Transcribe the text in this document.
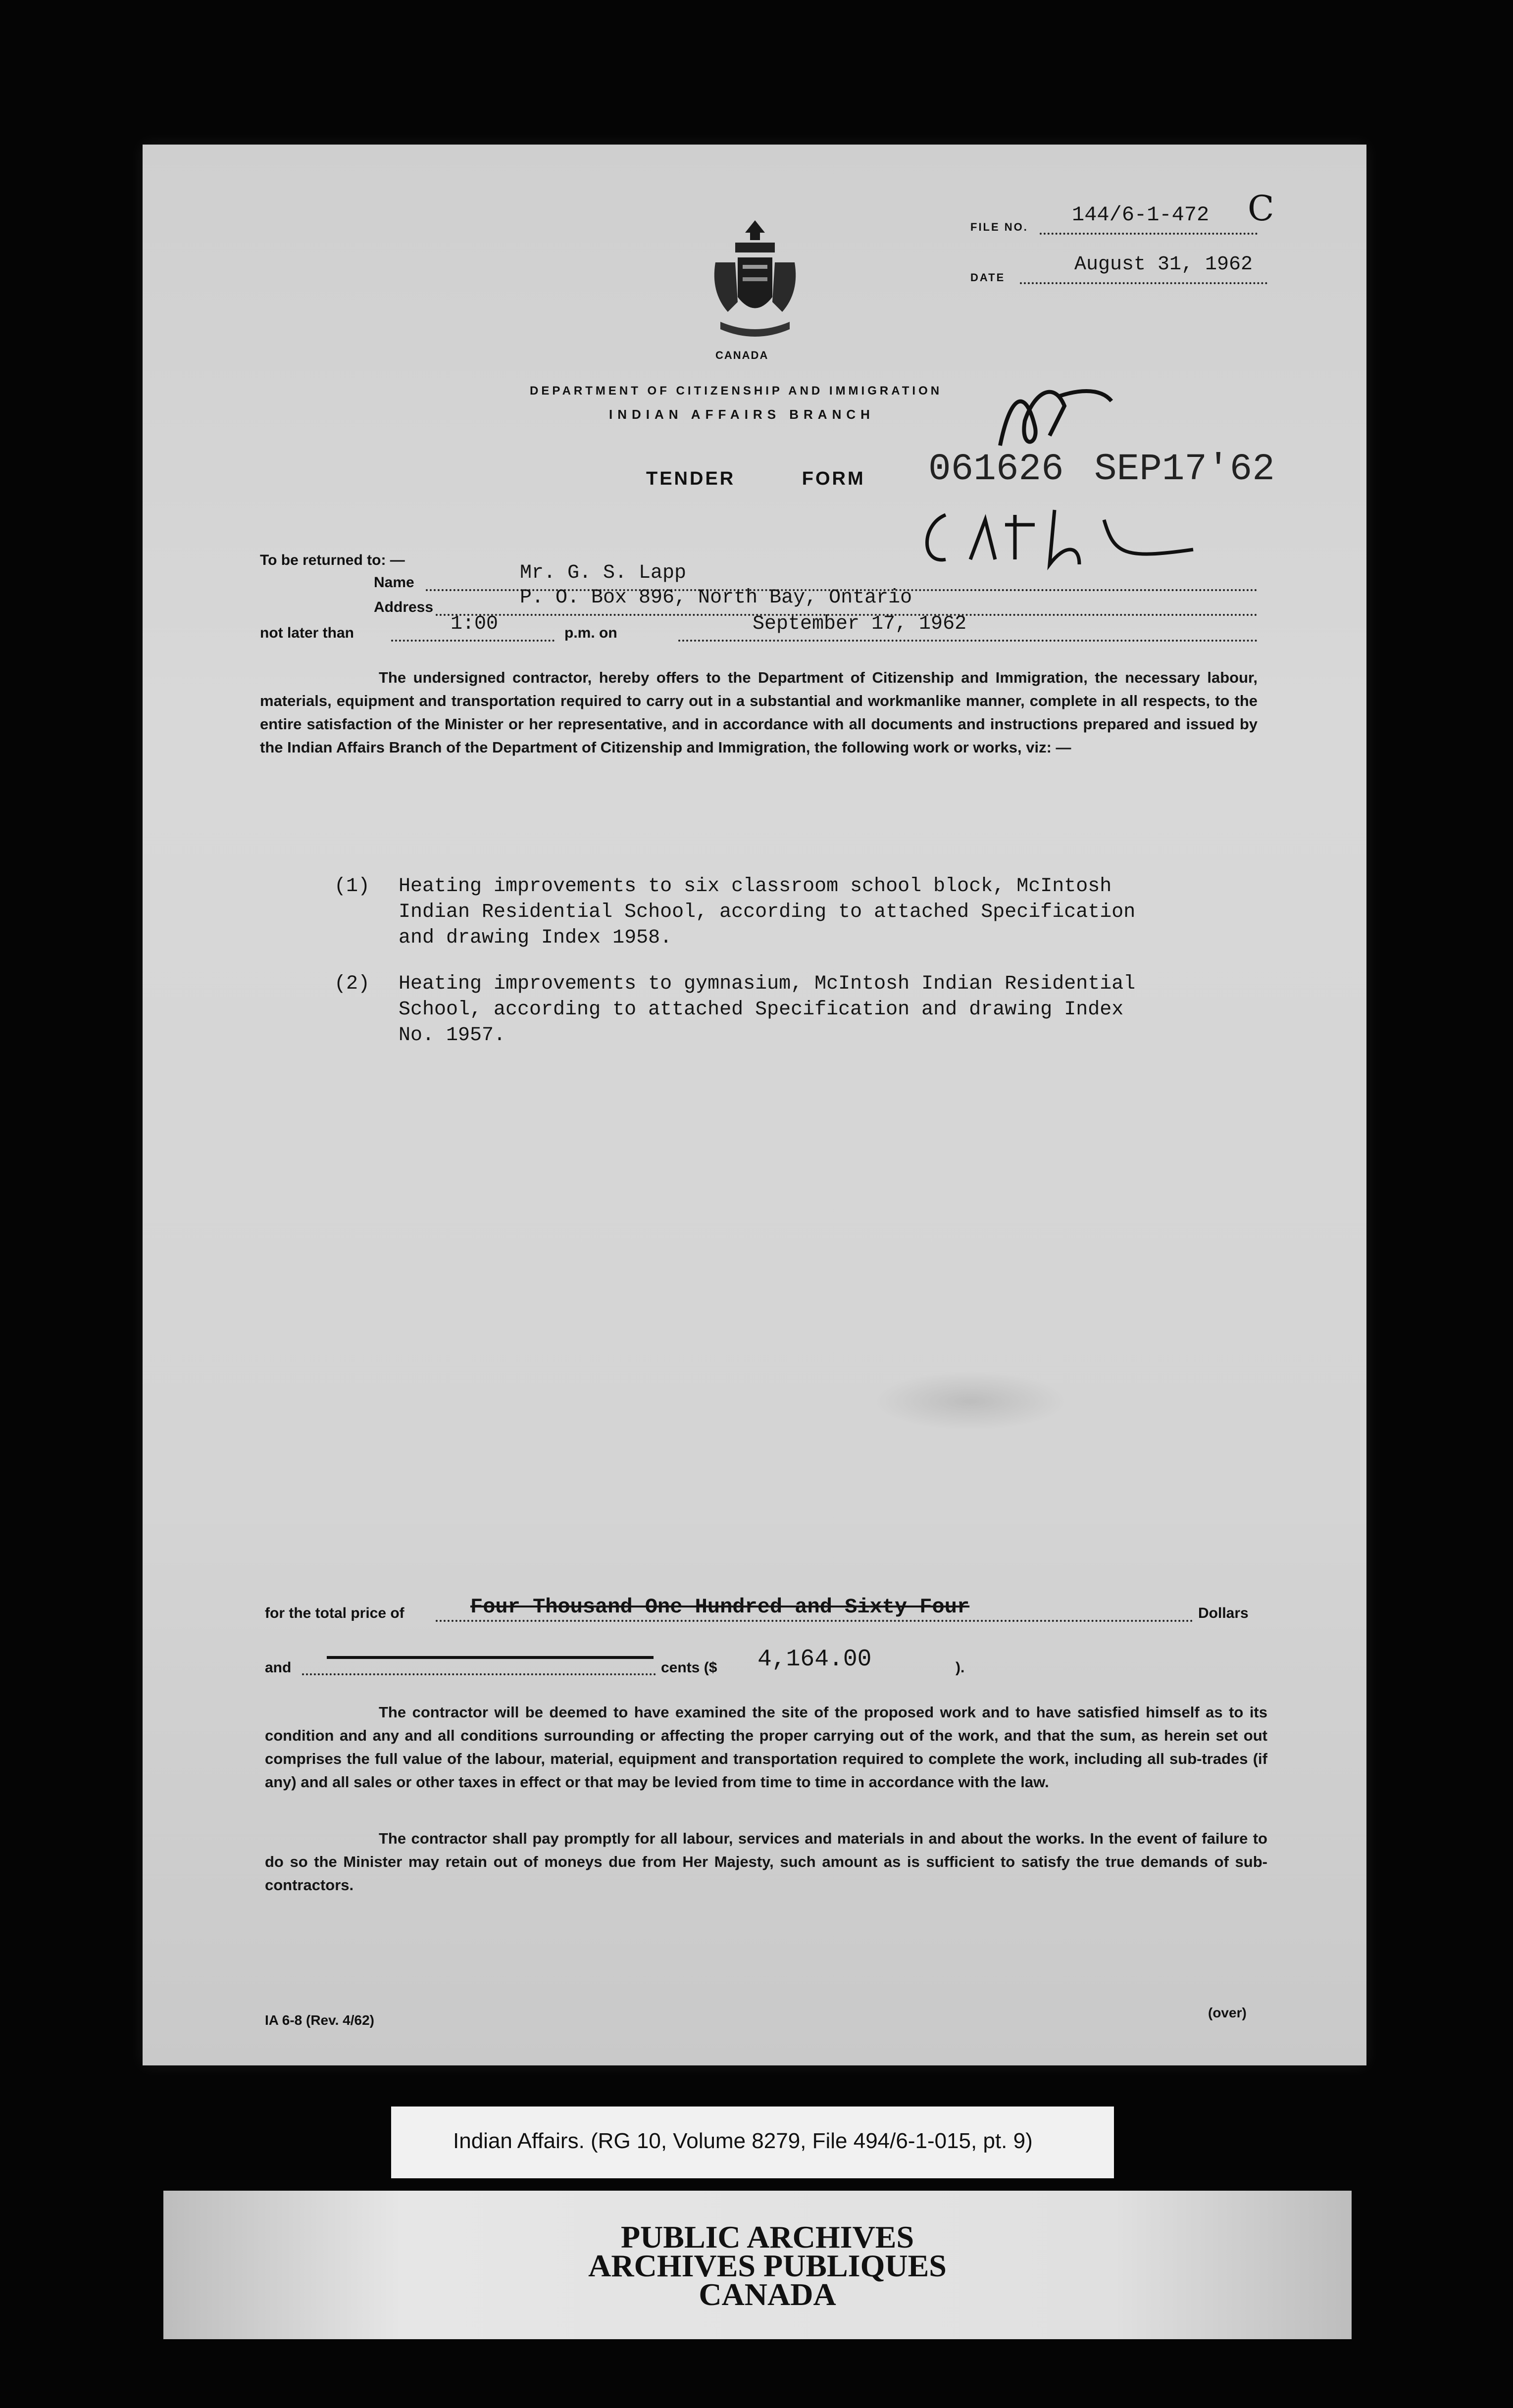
CANADA
FILE NO.
144/6-1-472 C
DATE
August 31, 1962
DEPARTMENT OF CITIZENSHIP AND IMMIGRATION
INDIAN AFFAIRS BRANCH
TENDER FORM 061626 SEP17'62
To be returned to: —
Name	Mr. G. S. Lapp
Address	P. O. Box 896, North Bay, Ontario
not later than	1:00	p.m. on	September 17, 1962
The undersigned contractor, hereby offers to the Department of Citizenship and Immigration, the necessary labour, materials, equipment and transportation required to carry out in a substantial and workmanlike manner, complete in all respects, to the entire satisfaction of the Minister or her representative, and in accordance with all documents and instructions prepared and issued by the Indian Affairs Branch of the Department of Citizenship and Immigration, the following work or works, viz: —
(1) Heating improvements to six classroom school block, McIntosh
Indian Residential School, according to attached Specification
and drawing Index 1958.
(2) Heating improvements to gymnasium, McIntosh Indian Residential
School, according to attached Specification and drawing Index
No. 1957.
for the total price of	Four Thousand One Hundred and Sixty Four	Dollars
and	cents ($ 4,164.00	).
The contractor will be deemed to have examined the site of the proposed work and to have satisfied himself as to its condition and any and all conditions surrounding or affecting the proper carrying out of the work, and that the sum, as herein set out comprises the full value of the labour, material, equipment and transportation required to complete the work, including all sub-trades (if any) and all sales or other taxes in effect or that may be levied from time to time in accordance with the law.
The contractor shall pay promptly for all labour, services and materials in and about the works. In the event of failure to do so the Minister may retain out of moneys due from Her Majesty, such amount as is sufficient to satisfy the true demands of sub-contractors.
IA 6-8 (Rev. 4/62)	(over)
Indian Affairs. (RG 10, Volume 8279, File 494/6-1-015, pt. 9)
PUBLIC ARCHIVES
ARCHIVES PUBLIQUES
CANADA
